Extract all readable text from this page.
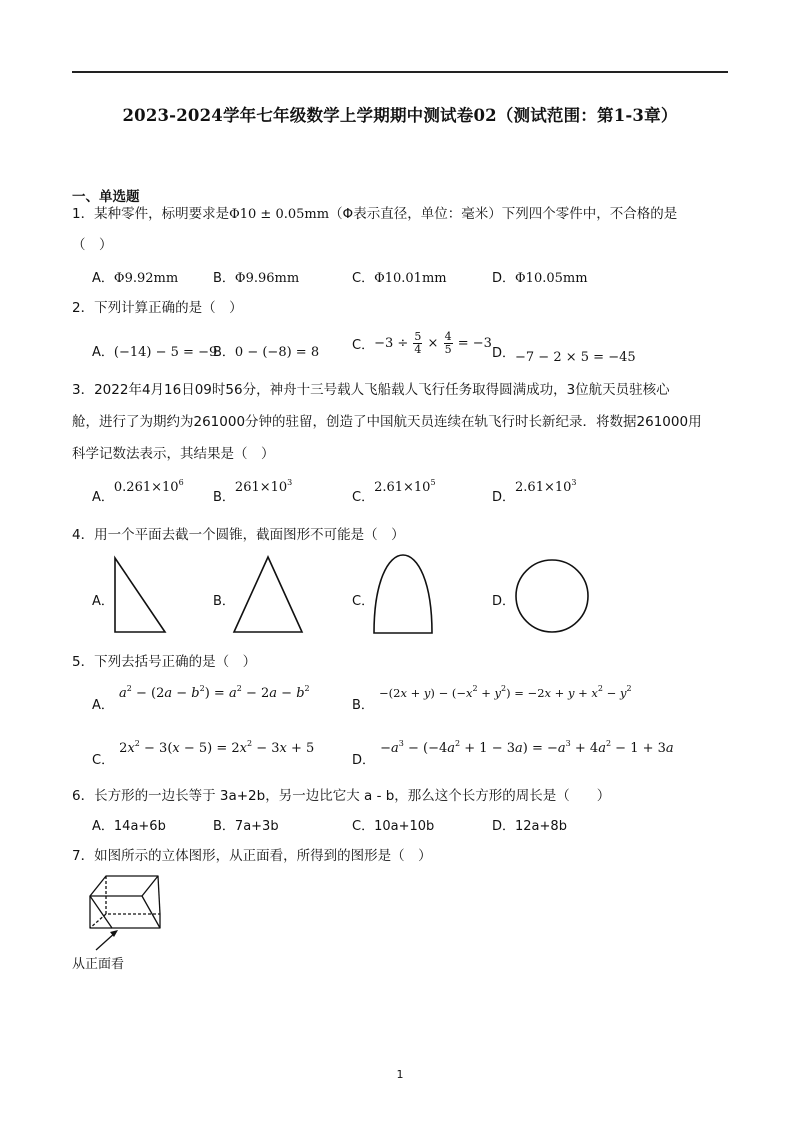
2023-2024学年七年级数学上学期期中测试卷02（测试范围：第1-3章）
一、单选题
1．某种零件，标明要求是Φ10 ± 0.05mm（Φ表示直径，单位：毫米）下列四个零件中，不合格的是
（　）
A．Φ9.92mm	B．Φ9.96mm	C．Φ10.01mm	D．Φ10.05mm
2．下列计算正确的是（　）
A．(−14) − 5 = −9
B．0 − (−8) = 8	C．$-3 \div \frac{5}{4} \times \frac{4}{5} = -3$
D．$_{-7 - 2 \times 5 = -45}$
3．2022年4月16日09时56分，神舟十三号载人飞船载人飞行任务取得圆满成功，3位航天员驻核心
舱，进行了为期约为261000分钟的驻留，创造了中国航天员连续在轨飞行时长新纪录．将数据261000用
科学记数法表示，其结果是（　）
$_{A.}0.261\times 10^6$
$_{B.}261\times 10^3$
$_{C.}2.61\times 10^5$
$_{D.}2.61\times 10^3$
4．用一个平面去截一个圆锥，截面图形不可能是（　）
A．	B．	C．	D．
5．下列去括号正确的是（　）
$_{A.}$ $a^2 - (2a - b^2) = a^2 - 2a - b^2$
$_{B.} -(2x + y) - (-x^2 + y^2) = -2x + y + x^2 - y^2$
$_{C.}$ $2x^2 - 3(x - 5) = 2x^2 - 3x + 5$
$_{D.} -a^3 - (-4a^2 + 1 - 3a) = -a^3 + 4a^2 - 1 + 3a$
6．长方形的一边长等于 3a+2b，另一边比它大 a - b，那么这个长方形的周长是（　　）
A．14a+6b	B．7a+3b	C．10a+10b	D．12a+8b
7．如图所示的立体图形，从正面看，所得到的图形是（　）
从正面看
1
